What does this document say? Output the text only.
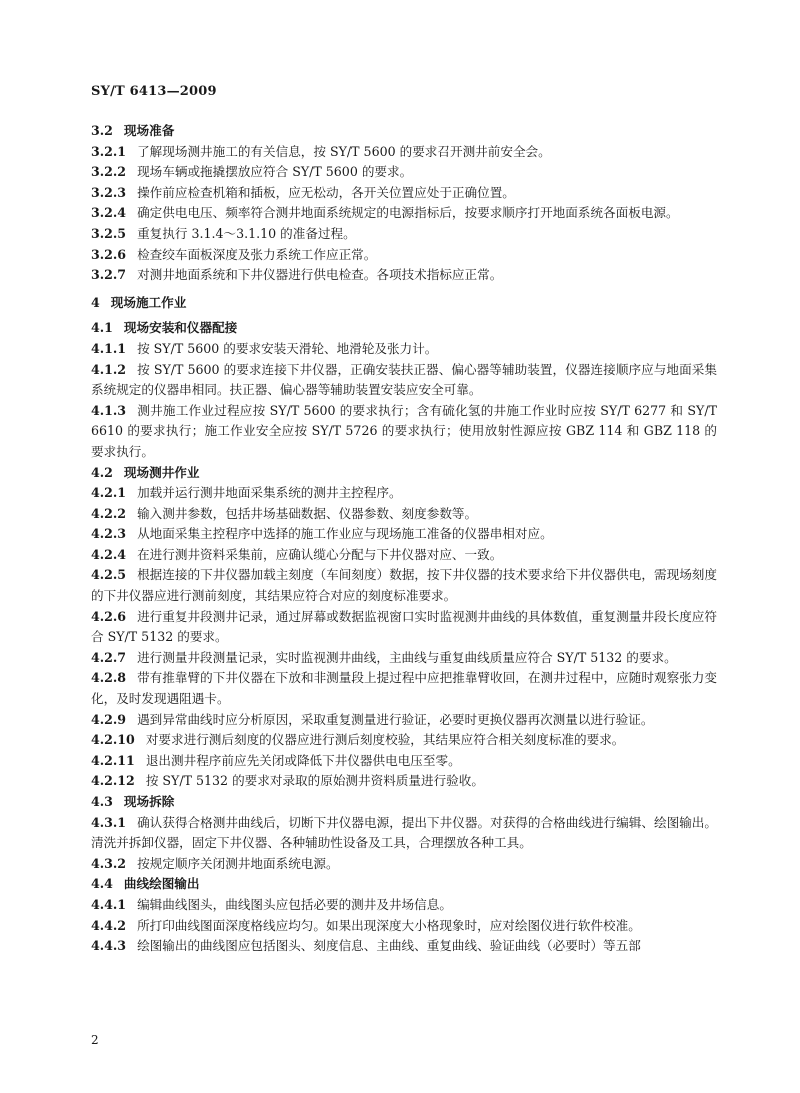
SY/T 6413—2009

3.2 现场准备

3.2.1 了解现场测井施工的有关信息，按 SY/T 5600 的要求召开测井前安全会。

3.2.2 现场车辆或拖撬摆放应符合 SY/T 5600 的要求。

3.2.3 操作前应检查机箱和插板，应无松动，各开关位置应处于正确位置。

3.2.4 确定供电电压、频率符合测井地面系统规定的电源指标后，按要求顺序打开地面系统各面板电源。

3.2.5 重复执行 3.1.4～3.1.10 的准备过程。

3.2.6 检查绞车面板深度及张力系统工作应正常。

3.2.7 对测井地面系统和下井仪器进行供电检查。各项技术指标应正常。

4 现场施工作业

4.1 现场安装和仪器配接

4.1.1 按 SY/T 5600 的要求安装天滑轮、地滑轮及张力计。

4.1.2 按 SY/T 5600 的要求连接下井仪器，正确安装扶正器、偏心器等辅助装置，仪器连接顺序应与地面采集系统规定的仪器串相同。扶正器、偏心器等辅助装置安装应安全可靠。

4.1.3 测井施工作业过程应按 SY/T 5600 的要求执行；含有硫化氢的井施工作业时应按 SY/T 6277 和 SY/T 6610 的要求执行；施工作业安全应按 SY/T 5726 的要求执行；使用放射性源应按 GBZ 114 和 GBZ 118 的要求执行。

4.2 现场测井作业

4.2.1 加载并运行测井地面采集系统的测井主控程序。

4.2.2 输入测井参数，包括井场基础数据、仪器参数、刻度参数等。

4.2.3 从地面采集主控程序中选择的施工作业应与现场施工准备的仪器串相对应。

4.2.4 在进行测井资料采集前，应确认缆心分配与下井仪器对应、一致。

4.2.5 根据连接的下井仪器加载主刻度（车间刻度）数据，按下井仪器的技术要求给下井仪器供电，需现场刻度的下井仪器应进行测前刻度，其结果应符合对应的刻度标准要求。

4.2.6 进行重复井段测井记录，通过屏幕或数据监视窗口实时监视测井曲线的具体数值，重复测量井段长度应符合 SY/T 5132 的要求。

4.2.7 进行测量井段测量记录，实时监视测井曲线，主曲线与重复曲线质量应符合 SY/T 5132 的要求。

4.2.8 带有推靠臂的下井仪器在下放和非测量段上提过程中应把推靠臂收回，在测井过程中，应随时观察张力变化，及时发现遇阻遇卡。

4.2.9 遇到异常曲线时应分析原因，采取重复测量进行验证，必要时更换仪器再次测量以进行验证。

4.2.10 对要求进行测后刻度的仪器应进行测后刻度校验，其结果应符合相关刻度标准的要求。

4.2.11 退出测井程序前应先关闭或降低下井仪器供电电压至零。

4.2.12 按 SY/T 5132 的要求对录取的原始测井资料质量进行验收。

4.3 现场拆除

4.3.1 确认获得合格测井曲线后，切断下井仪器电源，提出下井仪器。对获得的合格曲线进行编辑、绘图输出。清洗并拆卸仪器，固定下井仪器、各种辅助性设备及工具，合理摆放各种工具。

4.3.2 按规定顺序关闭测井地面系统电源。

4.4 曲线绘图输出

4.4.1 编辑曲线图头，曲线图头应包括必要的测井及井场信息。

4.4.2 所打印曲线图面深度格线应均匀。如果出现深度大小格现象时，应对绘图仪进行软件校准。

4.4.3 绘图输出的曲线图应包括图头、刻度信息、主曲线、重复曲线、验证曲线（必要时）等五部

2
